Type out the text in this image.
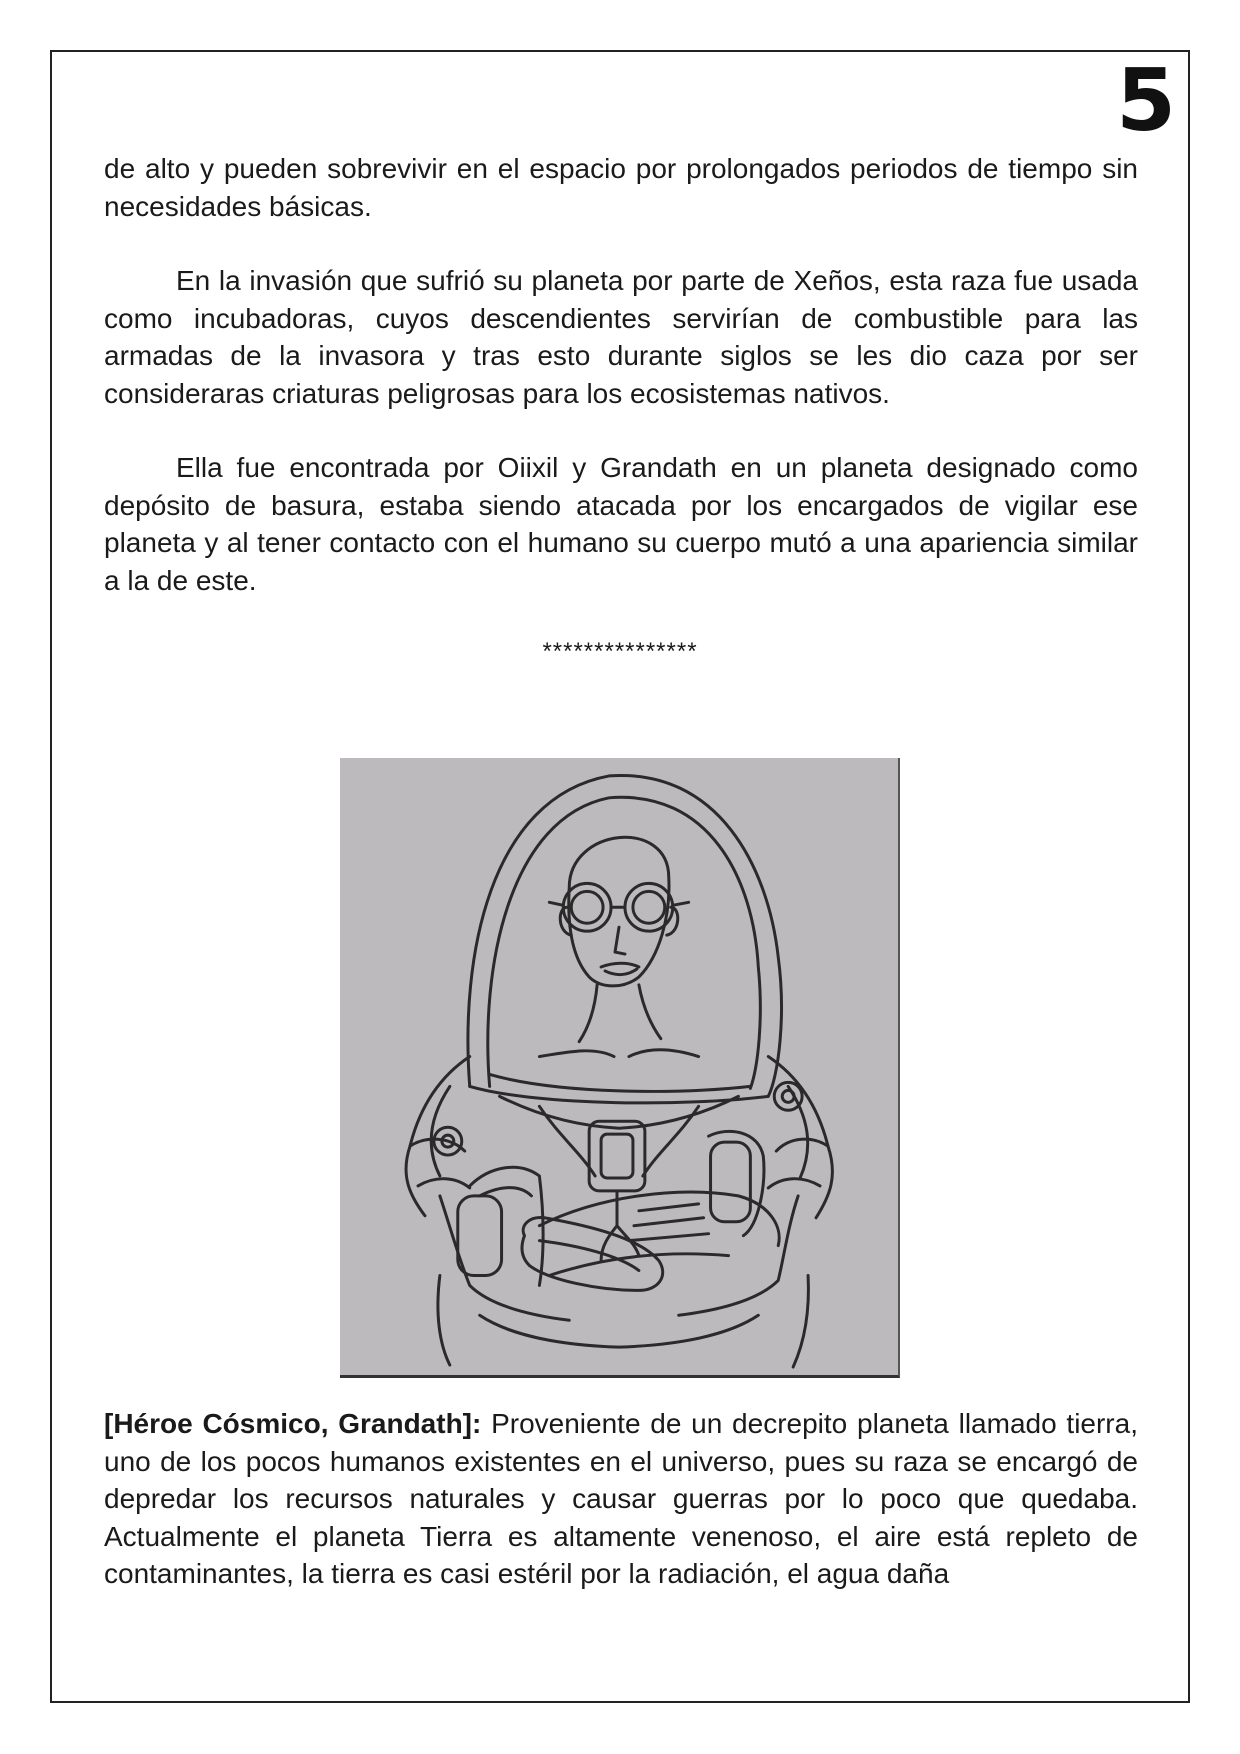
5

de alto y pueden sobrevivir en el espacio por prolongados periodos de tiempo sin necesidades básicas.

En la invasión que sufrió su planeta por parte de Xeños, esta raza fue usada como incubadoras, cuyos descendientes servirían de combustible para las armadas de la invasora y tras esto durante siglos se les dio caza por ser consideraras criaturas peligrosas para los ecosistemas nativos.

Ella fue encontrada por Oiixil y Grandath en un planeta designado como depósito de basura, estaba siendo atacada por los encargados de vigilar ese planeta y al tener contacto con el humano su cuerpo mutó a una apariencia similar a la de este.

***************

[Héroe Cósmico, Grandath]: Proveniente de un decrepito planeta llamado tierra, uno de los pocos humanos existentes en el universo, pues su raza se encargó de depredar los recursos naturales y causar guerras por lo poco que quedaba. Actualmente el planeta Tierra es altamente venenoso, el aire está repleto de contaminantes, la tierra es casi estéril por la radiación, el agua daña
